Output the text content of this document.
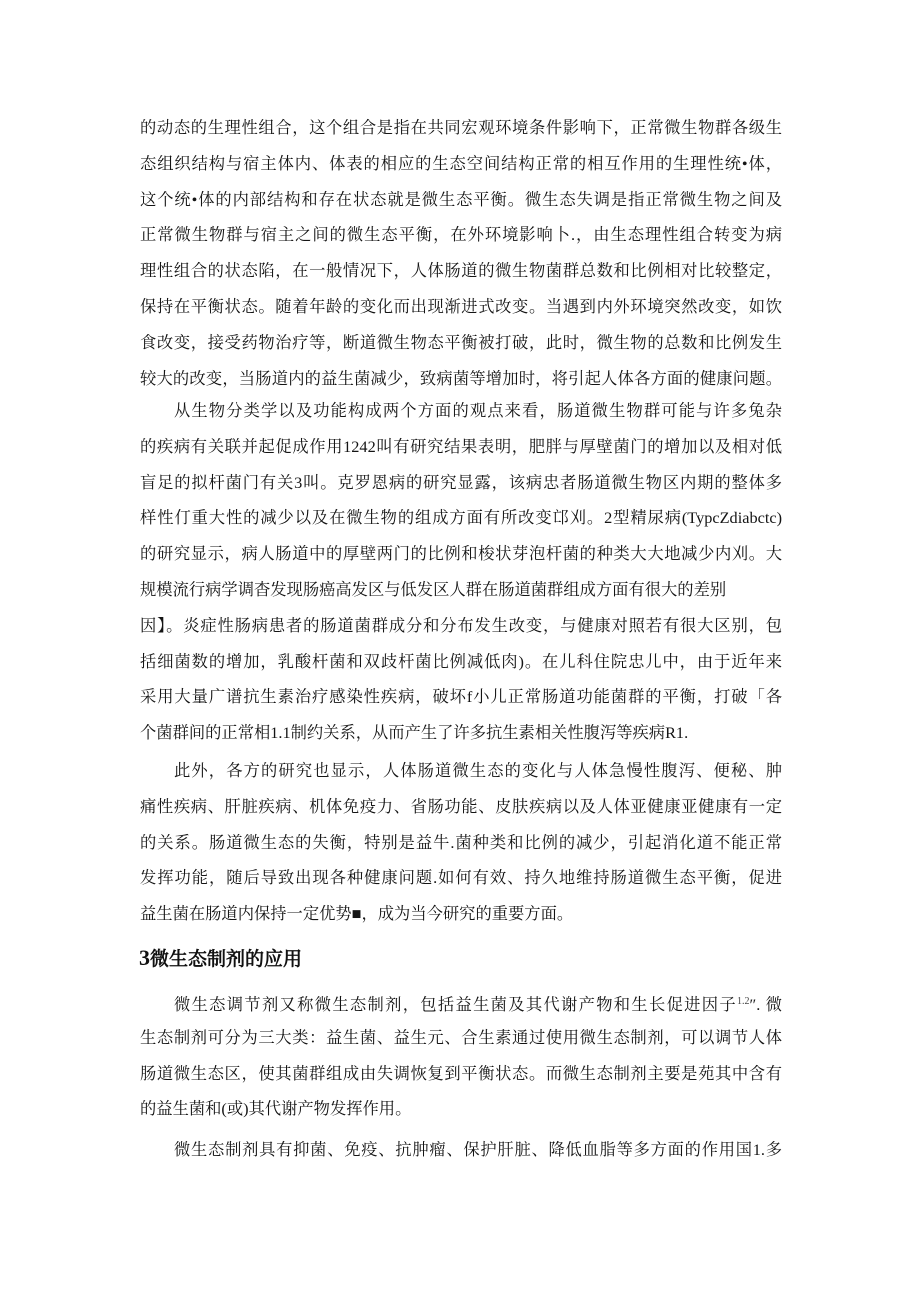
的动态的生理性组合，这个组合是指在共同宏观环境条件影响下，正常微生物群各级生
态组织结构与宿主体内、体表的相应的生态空间结构正常的相互作用的生理性统•体，
这个统•体的内部结构和存在状态就是微生态平衡。微生态失调是指正常微生物之间及
正常微生物群与宿主之间的微生态平衡，在外环境影响卜.，由生态理性组合转变为病
理性组合的状态陷，在一般情况下，人体肠道的微生物菌群总数和比例相对比较整定，
保持在平衡状态。随着年龄的变化而出现渐进式改变。当遇到内外环境突然改变，如饮
食改变，接受药物治疗等，断道微生物态平衡被打破，此时，微生物的总数和比例发生
较大的改变，当肠道内的益生菌减少，致病菌等增加时，将引起人体各方面的健康问题。
从生物分类学以及功能构成两个方面的观点来看，肠道微生物群可能与许多兔杂
的疾病有关联并起促成作用1242叫有研究结果表明，肥胖与厚壁菌门的增加以及相对低
盲足的拟杆菌门有关3叫。克罗恩病的研究显露，该病忠者肠道微生物区内期的整体多
样性仃重大性的减少以及在微生物的组成方面有所改变邙刈。2型精尿病(TypcZdiabctc)
的研究显示，病人肠道中的厚壁两门的比例和梭状芽泡杆菌的种类大大地减少内刈。大
规模流行病学调杳发现肠癌高发区与低发区人群在肠道菌群组成方面有很大的差别
因】。炎症性肠病患者的肠道菌群成分和分布发生改变，与健康对照若有很大区别，包
括细菌数的增加，乳酸杆菌和双歧杆菌比例减低肉)。在儿科住院忠儿中，由于近年来
采用大量广谱抗生素治疗感染性疾病，破坏f小儿正常肠道功能菌群的平衡，打破「各
个菌群间的正常相1.1制约关系，从而产生了许多抗生素相关性腹泻等疾病R1.
此外，各方的研究也显示，人体肠道微生态的变化与人体急慢性腹泻、便秘、肿
痛性疾病、肝脏疾病、机体免疫力、省肠功能、皮肤疾病以及人体亚健康亚健康有一定
的关系。肠道微生态的失衡，特别是益牛.菌种类和比例的减少，引起消化道不能正常
发挥功能，随后导致出现各种健康问题.如何有效、持久地维持肠道微生态平衡，促进
益生菌在肠道内保持一定优势■，成为当今研究的重要方面。
3微生态制剂的应用
微生态调节剂又称微生态制剂，包括益生菌及其代谢产物和生长促进因子$^{1.2}$″. 微
生态制剂可分为三大类：益生菌、益生元、合生素通过使用微生态制剂，可以调节人体
肠道微生态区，使其菌群组成由失调恢复到平衡状态。而微生态制剂主要是苑其中含有
的益生菌和(或)其代谢产物发挥作用。
微生态制剂具有抑菌、免疫、抗肿瘤、保护肝脏、降低血脂等多方面的作用国1.多
